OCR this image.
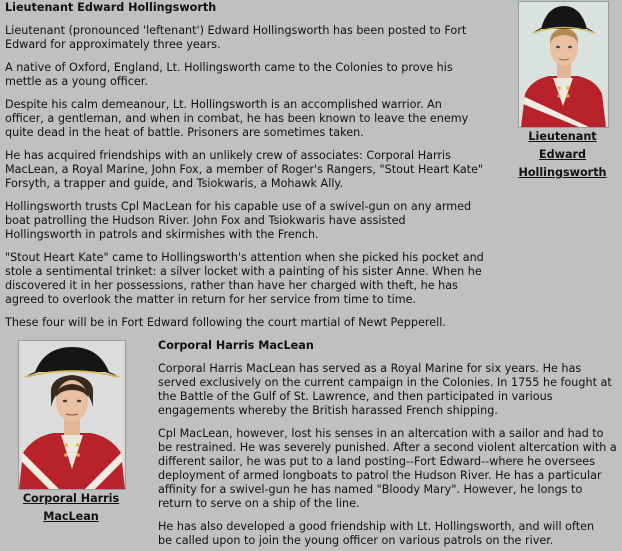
Lieutenant Edward Hollingsworth

Lieutenant (pronounced 'leftenant') Edward Hollingsworth has been posted to Fort Edward for approximately three years.

A native of Oxford, England, Lt. Hollingsworth came to the Colonies to prove his mettle as a young officer.

Despite his calm demeanour, Lt. Hollingsworth is an accomplished warrior. An officer, a gentleman, and when in combat, he has been known to leave the enemy quite dead in the heat of battle. Prisoners are sometimes taken.

He has acquired friendships with an unlikely crew of associates: Corporal Harris MacLean, a Royal Marine, John Fox, a member of Roger's Rangers, "Stout Heart Kate" Forsyth, a trapper and guide, and Tsiokwaris, a Mohawk Ally.

Hollingsworth trusts Cpl MacLean for his capable use of a swivel-gun on any armed boat patrolling the Hudson River. John Fox and Tsiokwaris have assisted Hollingsworth in patrols and skirmishes with the French.

"Stout Heart Kate" came to Hollingsworth's attention when she picked his pocket and stole a sentimental trinket: a silver locket with a painting of his sister Anne. When he discovered it in her possessions, rather than have her charged with theft, he has agreed to overlook the matter in return for her service from time to time.

These four will be in Fort Edward following the court martial of Newt Pepperell.

Lieutenant
Edward
Hollingsworth
Corporal Harris
MacLean
Corporal Harris MacLean

Corporal Harris MacLean has served as a Royal Marine for six years. He has served exclusively on the current campaign in the Colonies. In 1755 he fought at the Battle of the Gulf of St. Lawrence, and then participated in various engagements whereby the British harassed French shipping.

Cpl MacLean, however, lost his senses in an altercation with a sailor and had to be restrained. He was severely punished. After a second violent altercation with a different sailor, he was put to a land posting--Fort Edward--where he oversees deployment of armed longboats to patrol the Hudson River. He has a particular affinity for a swivel-gun he has named "Bloody Mary". However, he longs to return to serve on a ship of the line.

He has also developed a good friendship with Lt. Hollingsworth, and will often be called upon to join the young officer on various patrols on the river.
